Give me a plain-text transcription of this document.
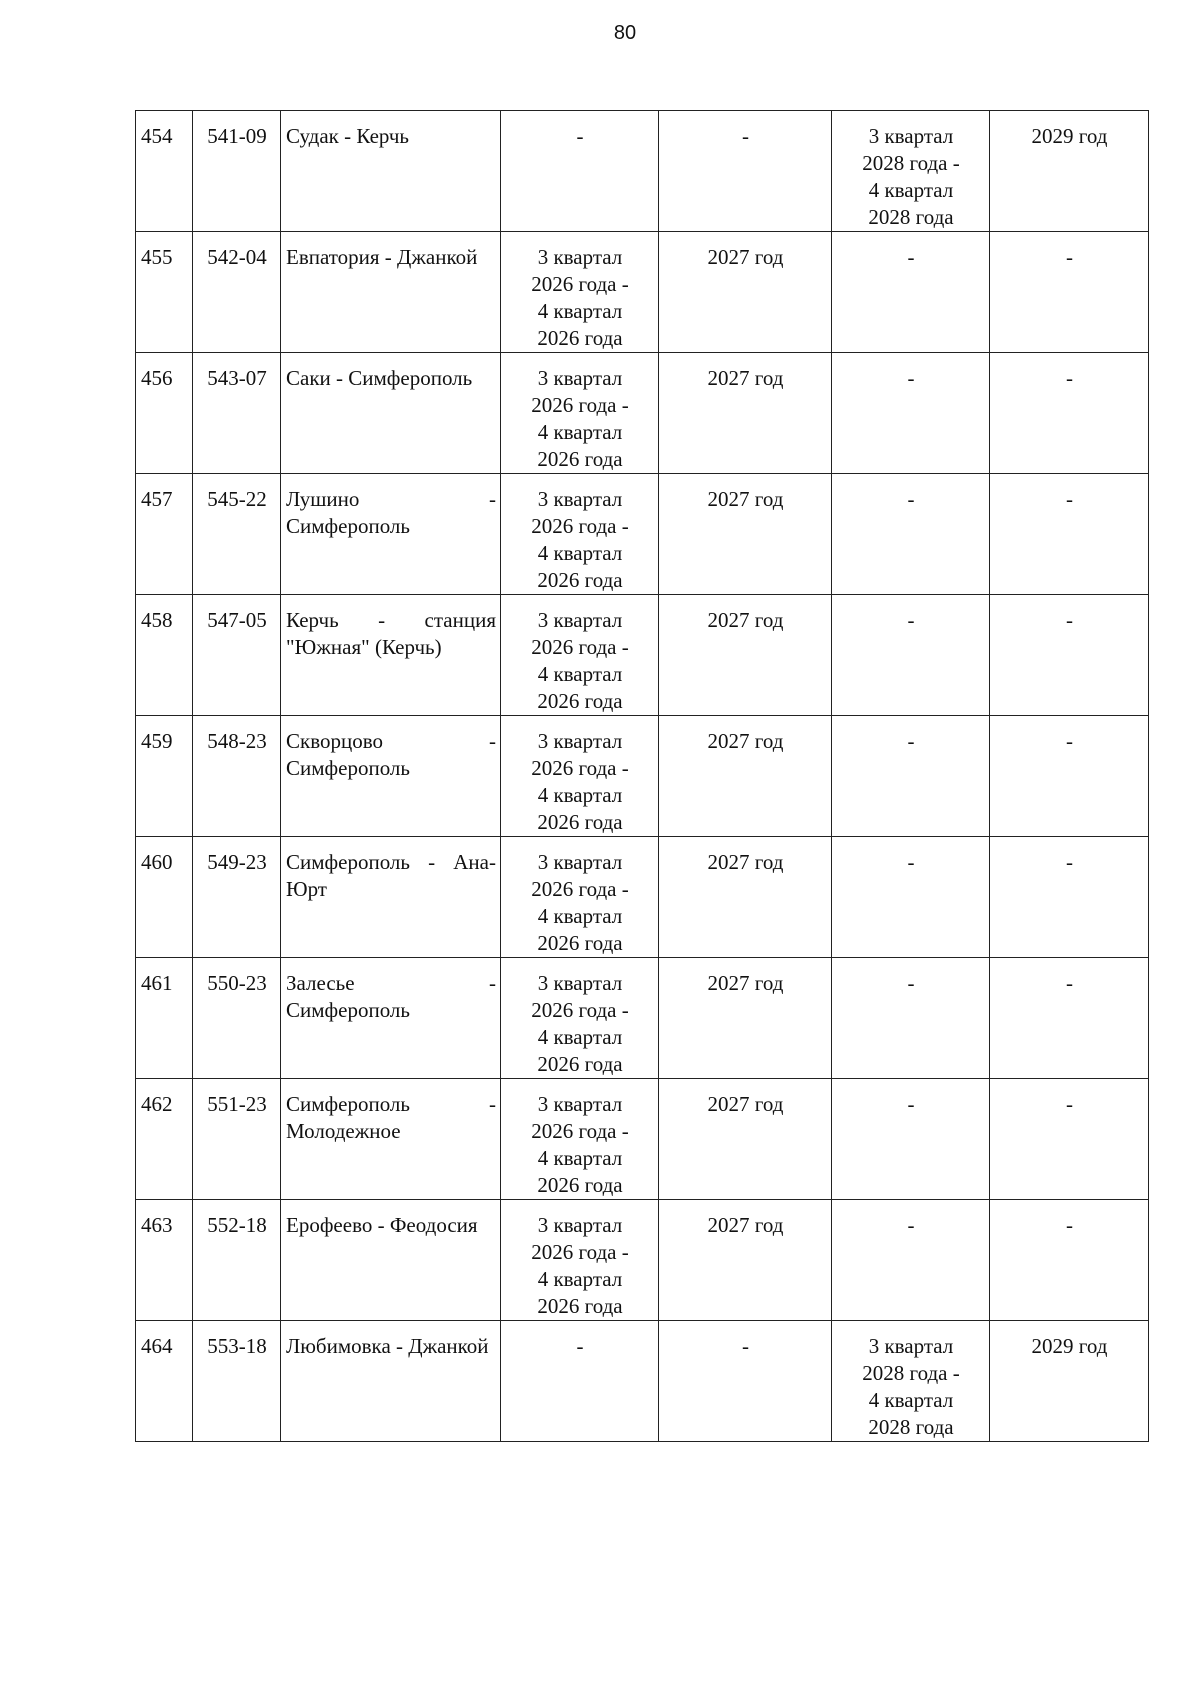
80
454	541-09	Судак - Керчь	-	-	3 квартал
2028 года -
4 квартал
2028 года	2029 год
455	542-04	Евпатория - Джанкой	3 квартал
2026 года -
4 квартал
2026 года	2027 год	-	-
456	543-07	Саки - Симферополь	3 квартал
2026 года -
4 квартал
2026 года	2027 год	-	-
457	545-22	Лушино - Симферополь	3 квартал
2026 года -
4 квартал
2026 года	2027 год	-	-
458	547-05	Керчь - станция "Южная" (Керчь)	3 квартал
2026 года -
4 квартал
2026 года	2027 год	-	-
459	548-23	Скворцово - Симферополь	3 квартал
2026 года -
4 квартал
2026 года	2027 год	-	-
460	549-23	Симферополь - Ана-Юрт	3 квартал
2026 года -
4 квартал
2026 года	2027 год	-	-
461	550-23	Залесье - Симферополь	3 квартал
2026 года -
4 квартал
2026 года	2027 год	-	-
462	551-23	Симферополь - Молодежное	3 квартал
2026 года -
4 квартал
2026 года	2027 год	-	-
463	552-18	Ерофеево - Феодосия	3 квартал
2026 года -
4 квартал
2026 года	2027 год	-	-
464	553-18	Любимовка - Джанкой	-	-	3 квартал
2028 года -
4 квартал
2028 года	2029 год
